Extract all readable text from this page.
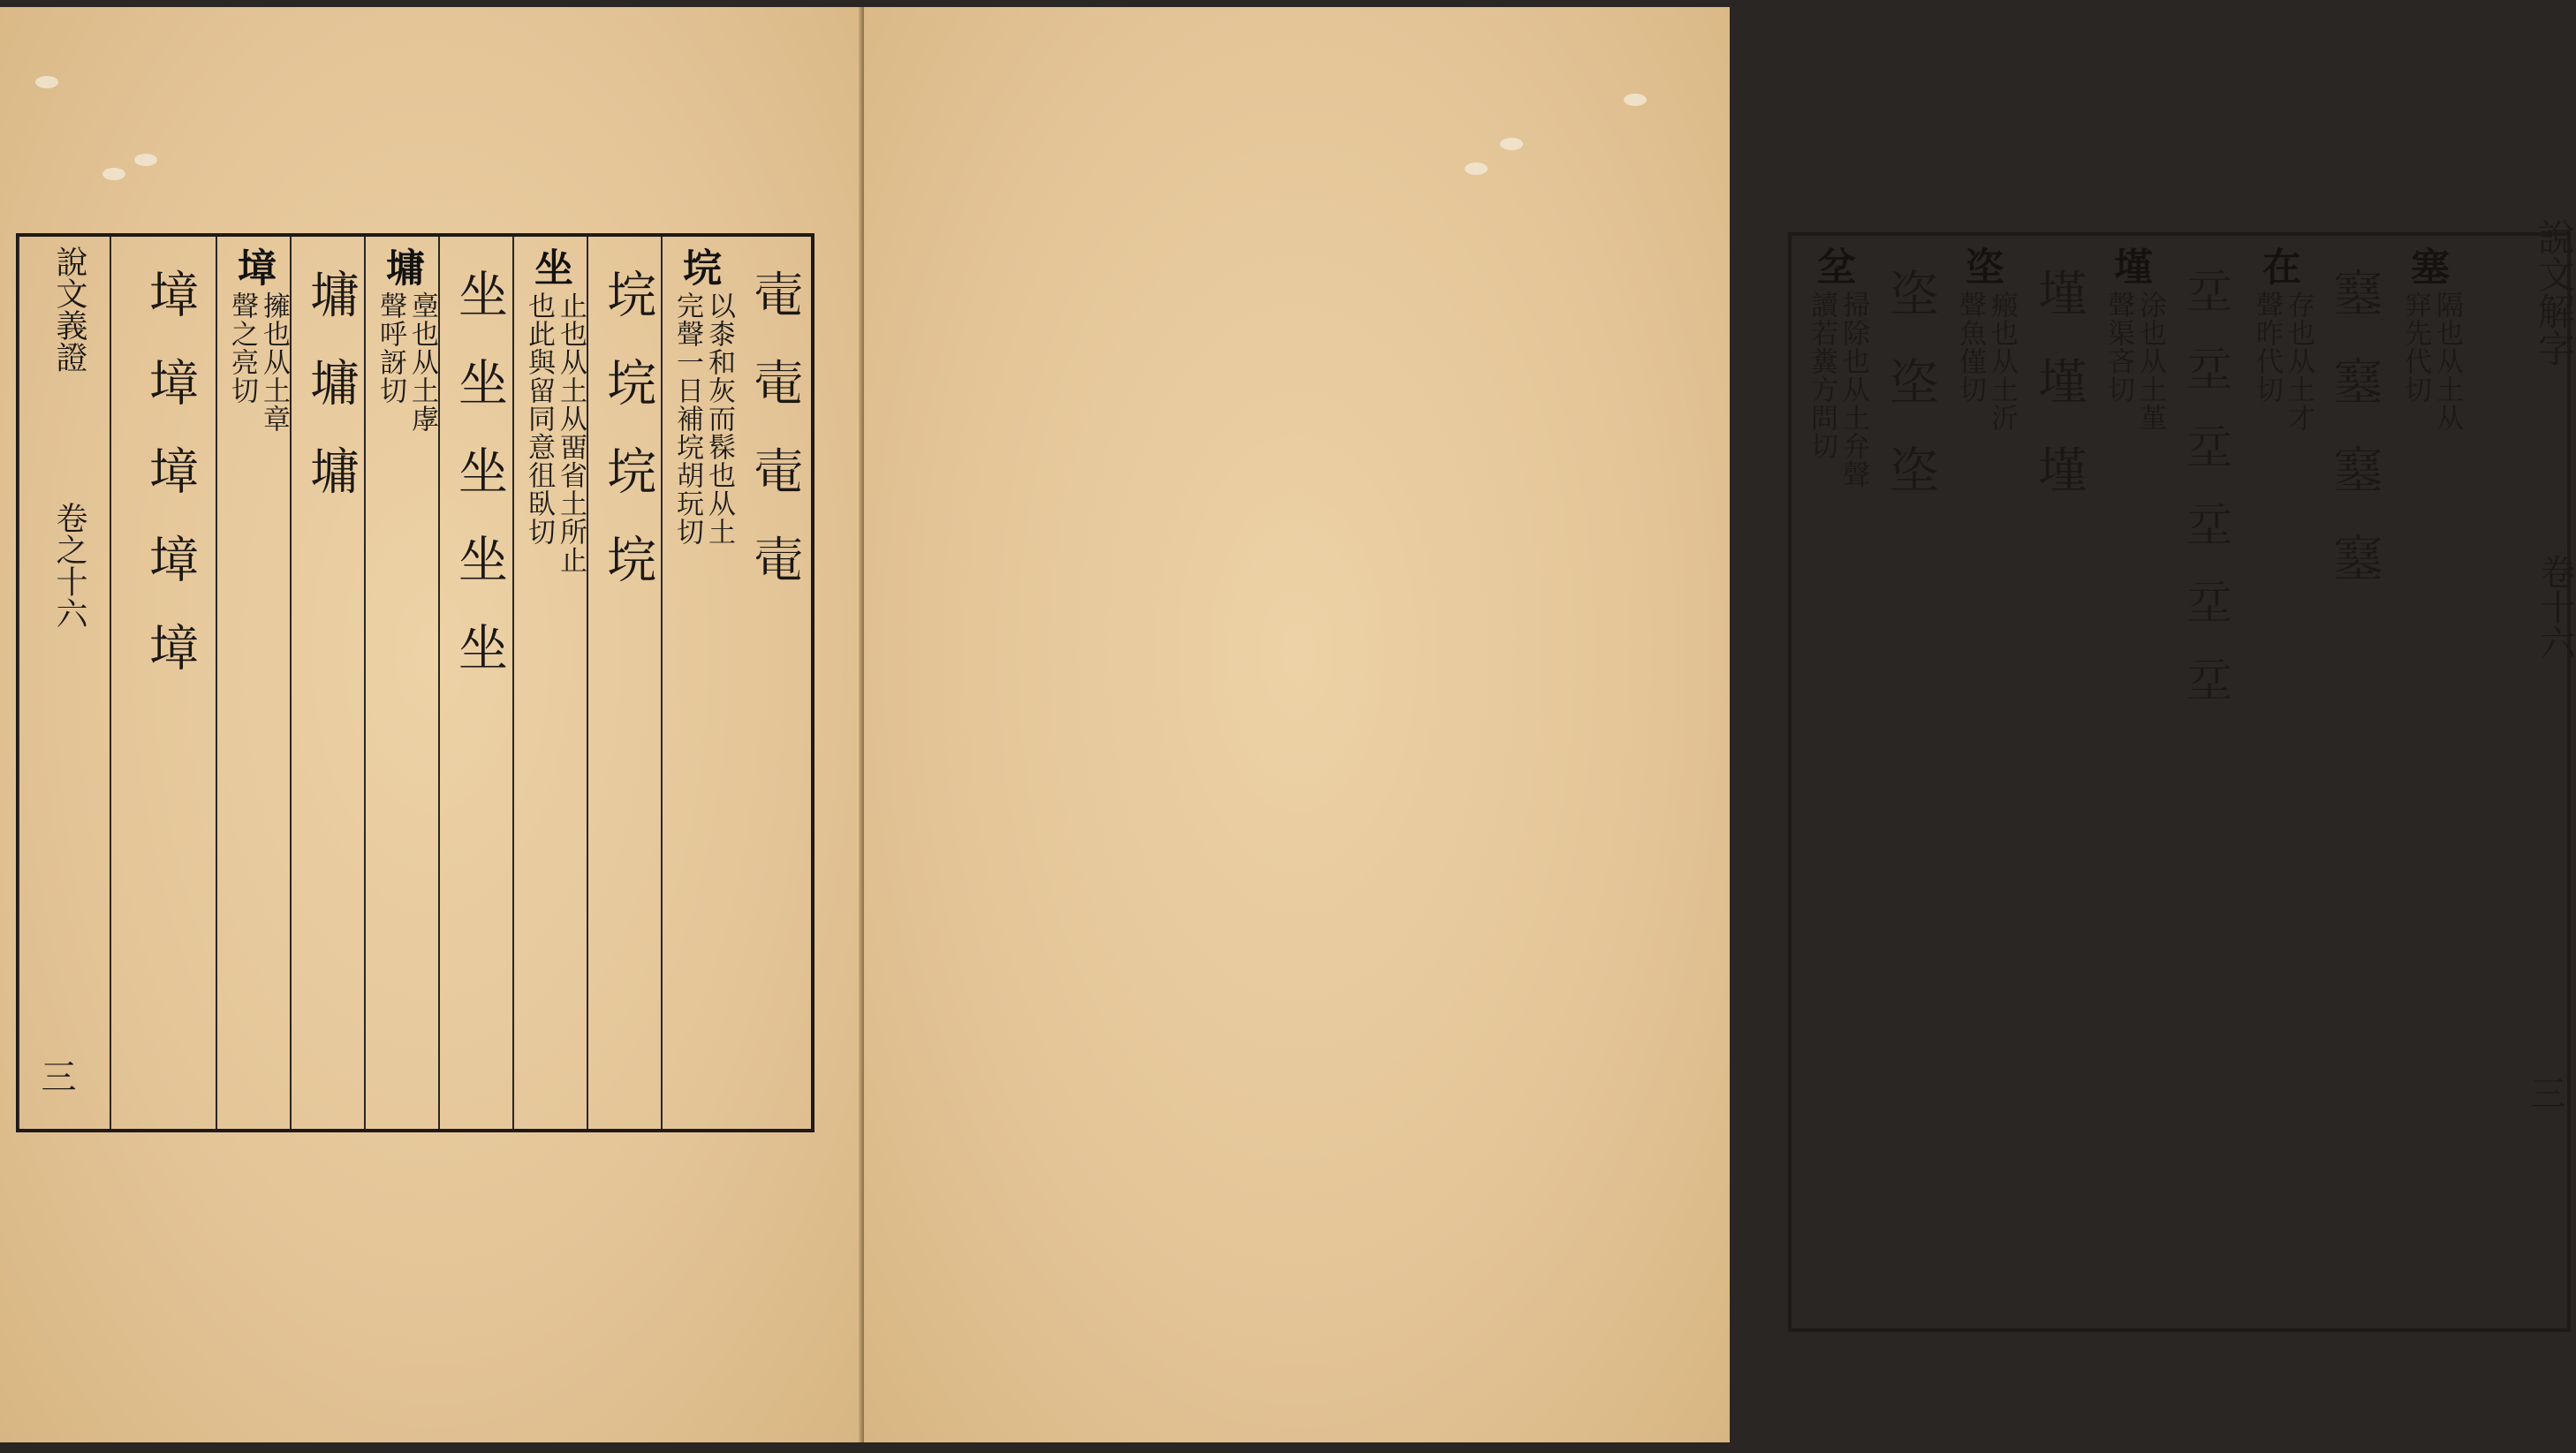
𡔩𡔩𡔩𡔩
垸
以桼和灰而髹也从土
完聲一日補垸胡玩切
垸垸垸垸
坐
止也从土从畱省土所止
也此與留同意徂臥切
坐坐坐坐坐
墉
㙜也从土虖
聲呼訝切
墉墉墉
墇
擁也从土章
聲之亮切
墇墇墇墇墇
說文義證
卷之十六
三
說文解字
卷十六
三
塞
隔也从土从
穽先代切
𡫼𡫼𡫼𡫼
在
存也从土才
聲昨代切
𡉝𡉝𡉝𡉝𡉝𡉝
墐
涂也从土堇
聲渠吝切
墐墐墐
垐
瘢也从土沂
聲魚僅切
垐垐垐
坌
掃除也从土弁聲
讀若糞方問切
